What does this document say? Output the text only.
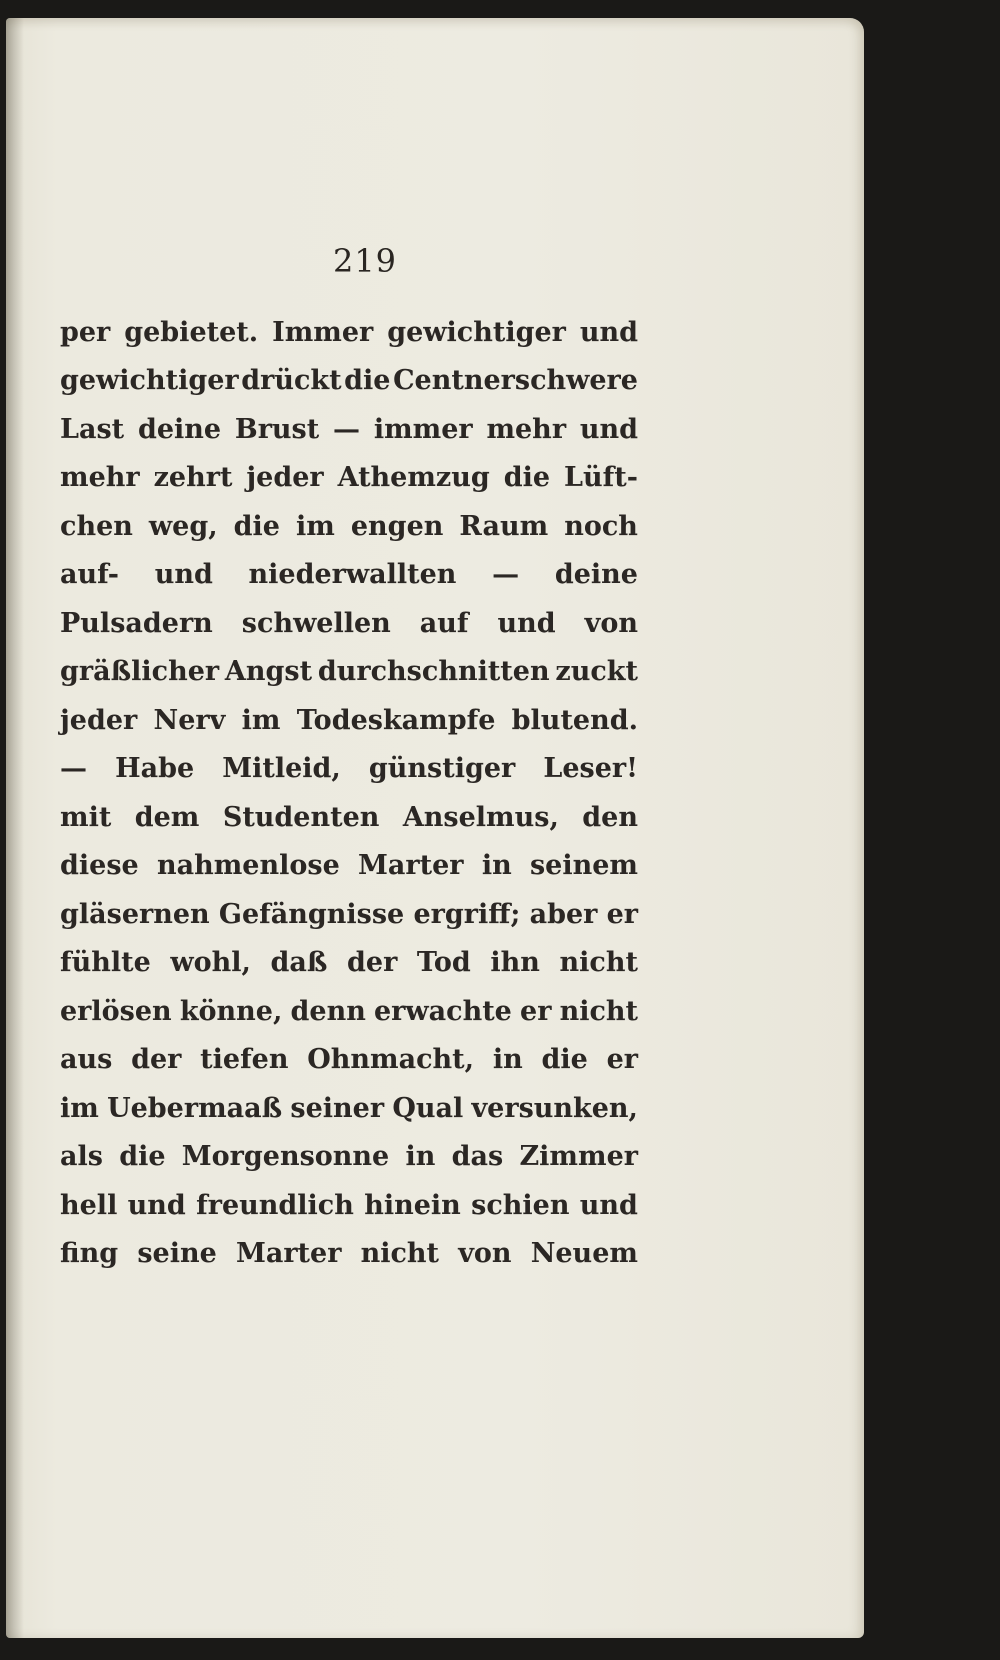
219
per gebietet. Immer gewichtiger und
gewichtiger drückt die Centnerschwere
Last deine Brust — immer mehr und
mehr zehrt jeder Athemzug die Lüft-
chen weg, die im engen Raum noch
auf- und niederwallten — deine
Pulsadern schwellen auf und von
gräßlicher Angst durchschnitten zuckt
jeder Nerv im Todeskampfe blutend.
— Habe Mitleid, günstiger Leser!
mit dem Studenten Anselmus, den
diese nahmenlose Marter in seinem
gläsernen Gefängnisse ergriff; aber er
fühlte wohl, daß der Tod ihn nicht
erlösen könne, denn erwachte er nicht
aus der tiefen Ohnmacht, in die er
im Uebermaaß seiner Qual versunken,
als die Morgensonne in das Zimmer
hell und freundlich hinein schien und
fing seine Marter nicht von Neuem
